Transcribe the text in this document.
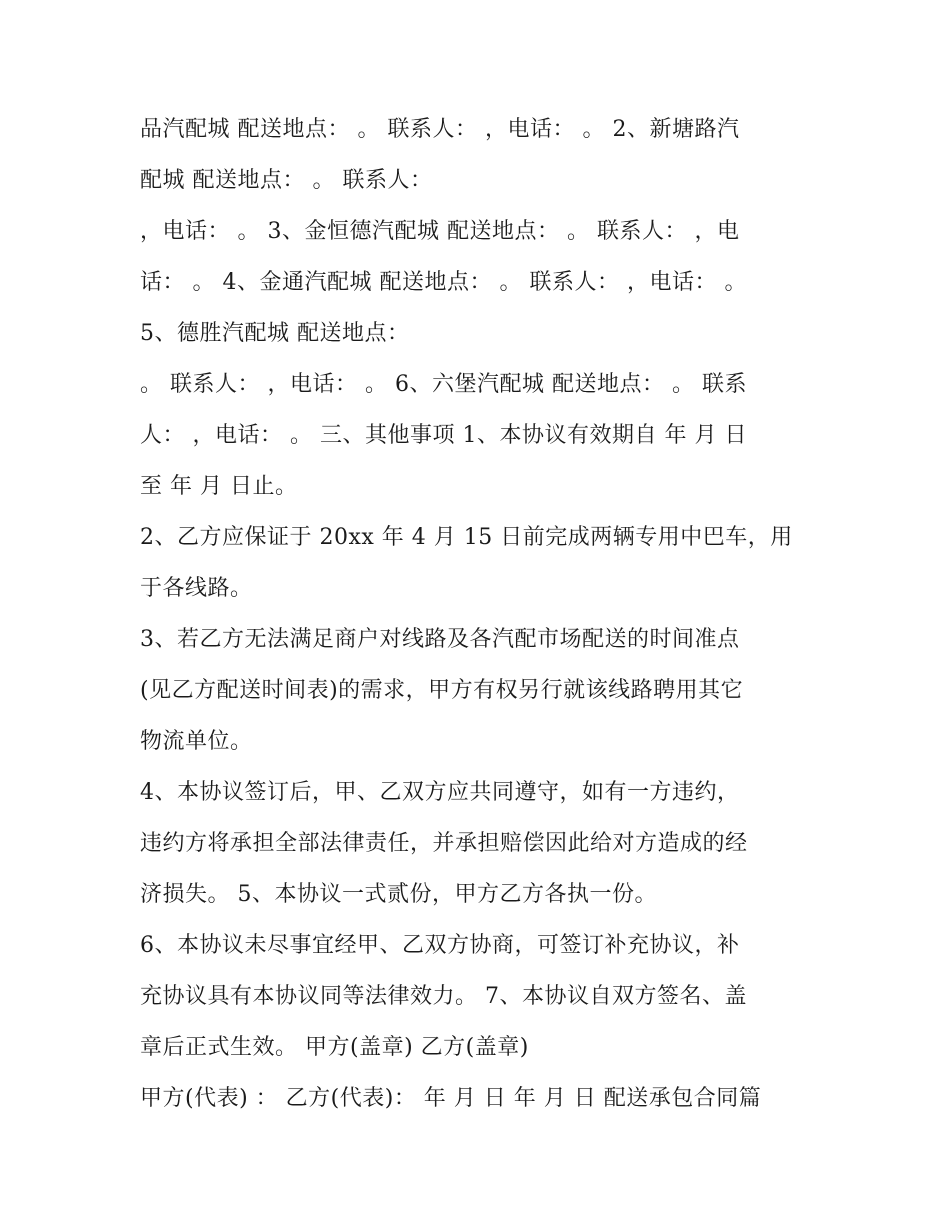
品汽配城 配送地点： 。 联系人： ，电话： 。 2、新塘路汽
配城 配送地点： 。 联系人：
，电话： 。 3、金恒德汽配城 配送地点： 。 联系人： ，电
话： 。 4、金通汽配城 配送地点： 。 联系人： ，电话： 。
5、德胜汽配城 配送地点：
。 联系人： ，电话： 。 6、六堡汽配城 配送地点： 。 联系
人： ，电话： 。 三、其他事项 1、本协议有效期自 年 月 日
至 年 月 日止。
2、乙方应保证于 20xx 年 4 月 15 日前完成两辆专用中巴车，用
于各线路。
3、若乙方无法满足商户对线路及各汽配市场配送的时间准点
(见乙方配送时间表)的需求，甲方有权另行就该线路聘用其它
物流单位。
4、本协议签订后，甲、乙双方应共同遵守，如有一方违约，
违约方将承担全部法律责任，并承担赔偿因此给对方造成的经
济损失。 5、本协议一式贰份，甲方乙方各执一份。
6、本协议未尽事宜经甲、乙双方协商，可签订补充协议，补
充协议具有本协议同等法律效力。 7、本协议自双方签名、盖
章后正式生效。 甲方(盖章) 乙方(盖章)
甲方(代表) ： 乙方(代表)： 年 月 日 年 月 日 配送承包合同篇
